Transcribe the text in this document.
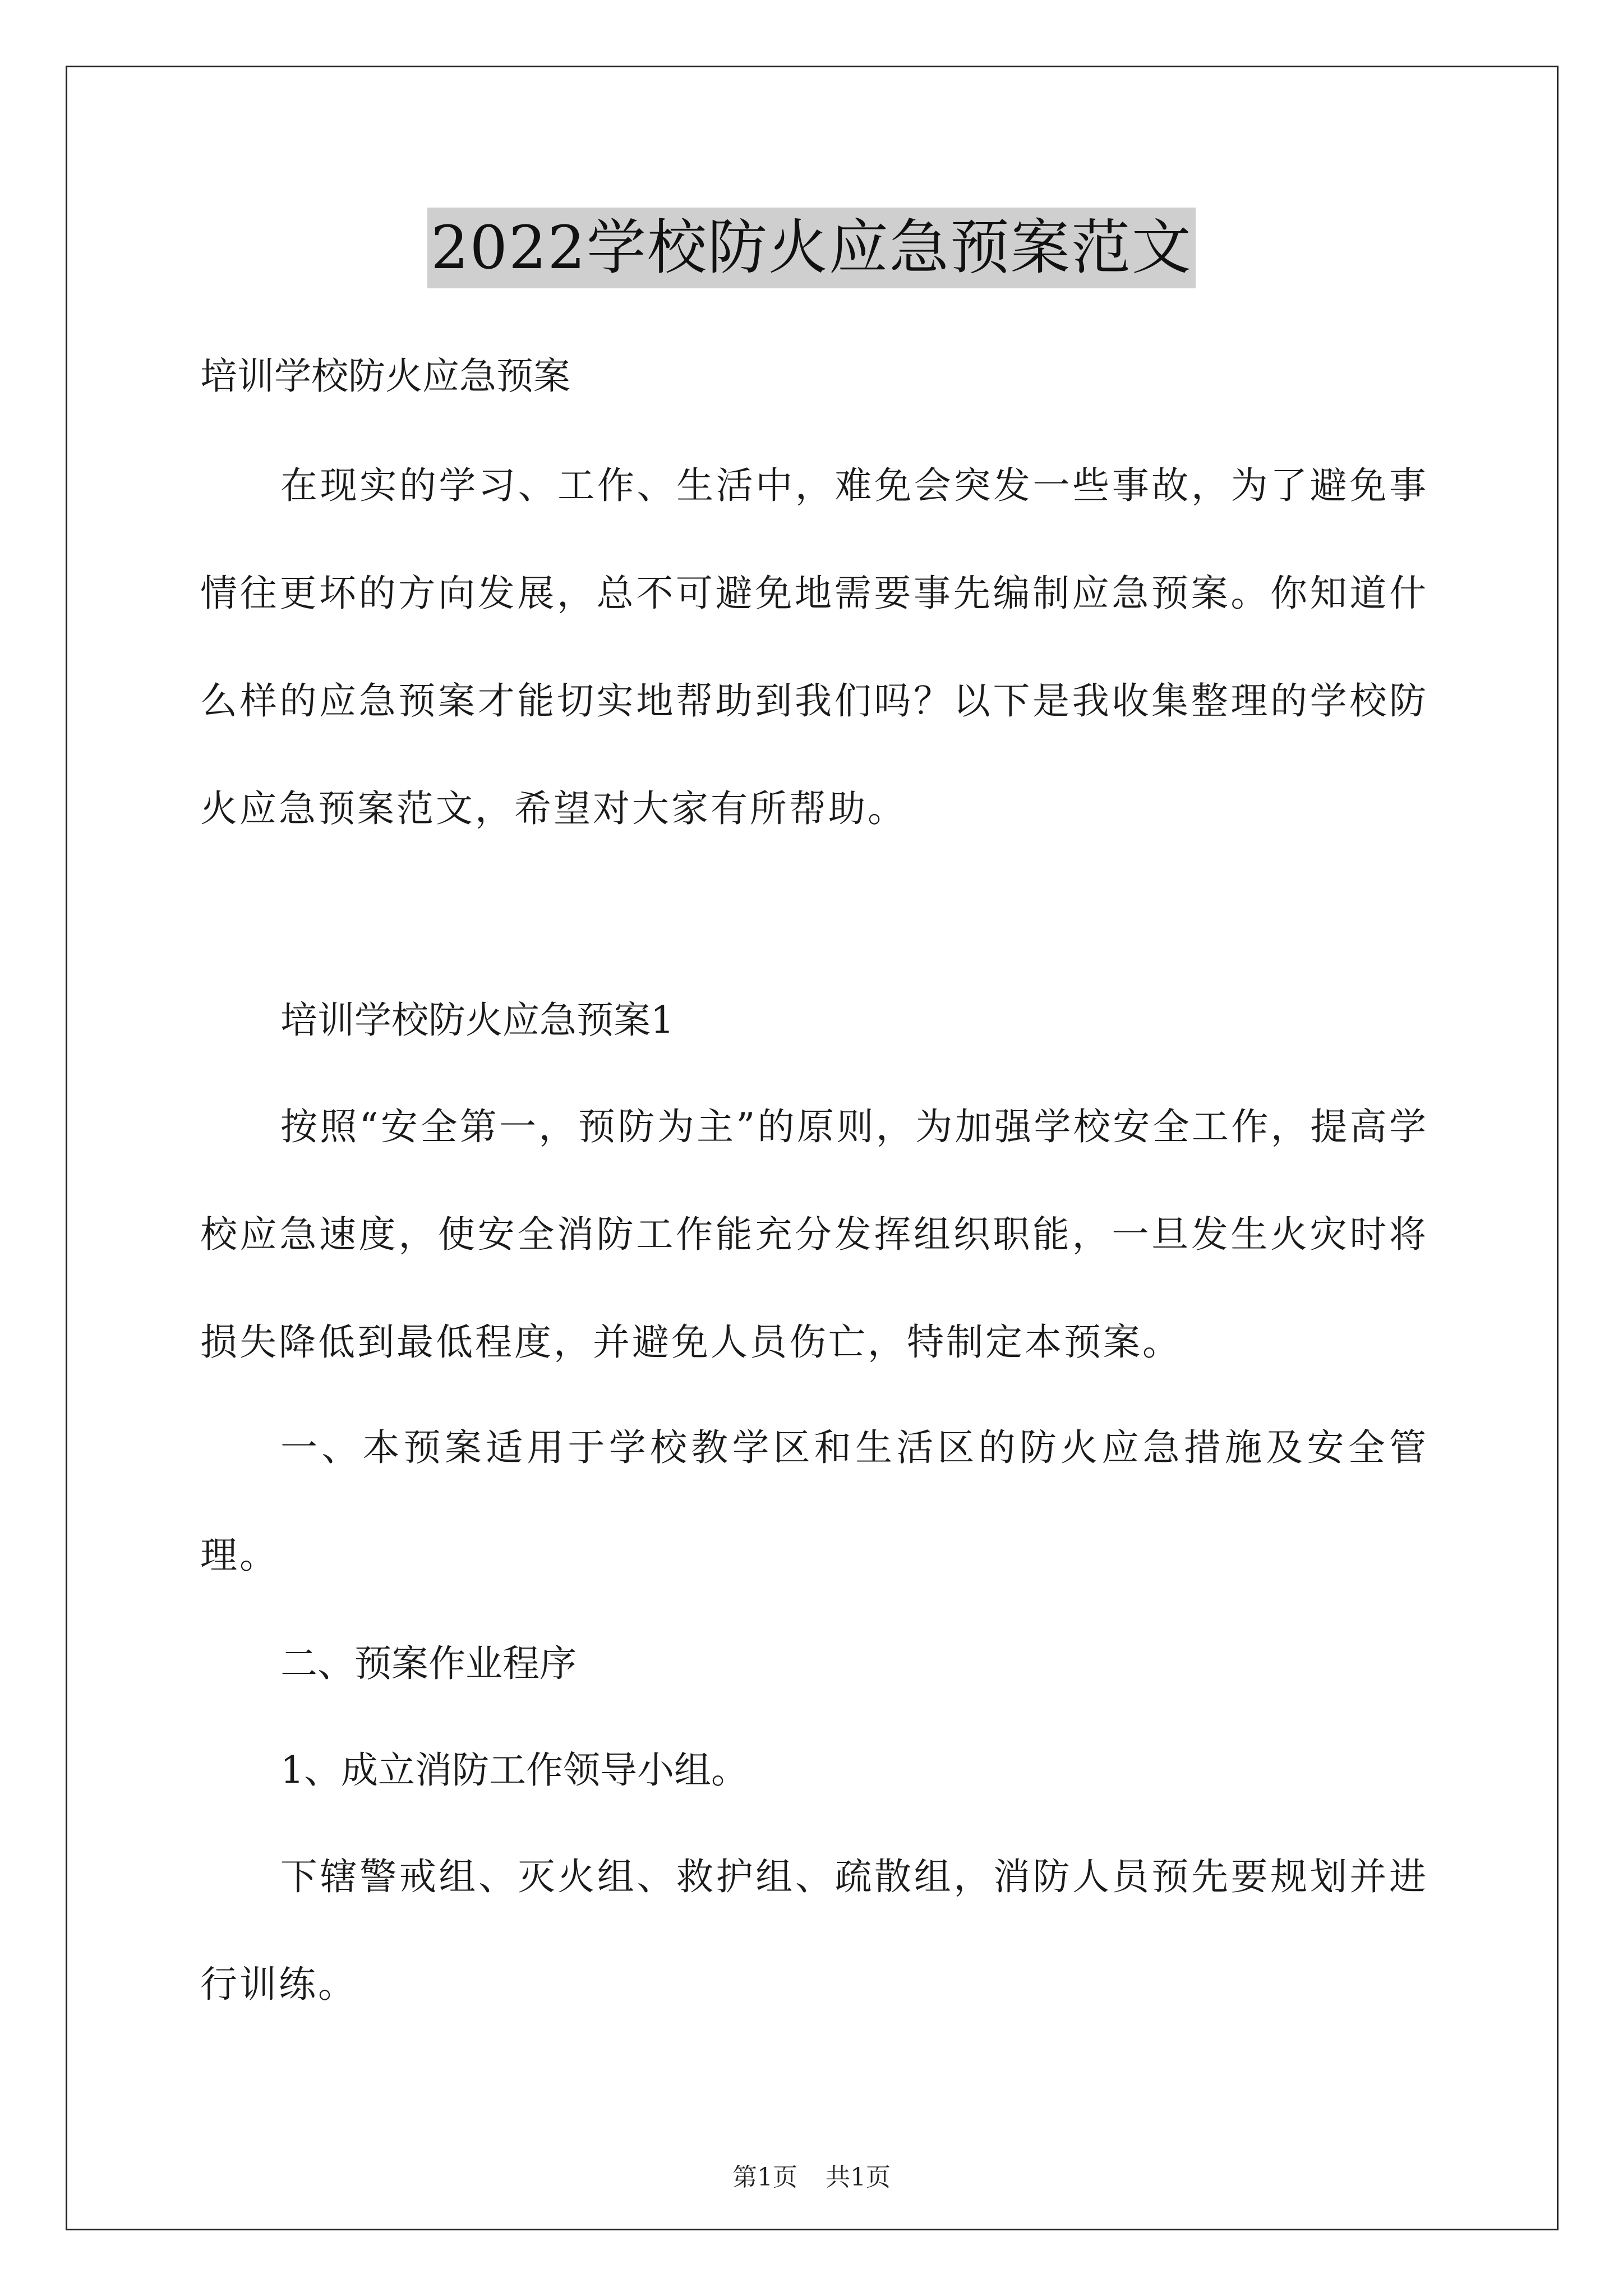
2022学校防火应急预案范文
培训学校防火应急预案
在现实的学习、工作、生活中，难免会突发一些事故，为了避免事情往更坏的方向发展，总不可避免地需要事先编制应急预案。你知道什么样的应急预案才能切实地帮助到我们吗？以下是我收集整理的学校防火应急预案范文，希望对大家有所帮助。
培训学校防火应急预案1
按照“安全第一，预防为主”的原则，为加强学校安全工作，提高学校应急速度，使安全消防工作能充分发挥组织职能，一旦发生火灾时将损失降低到最低程度，并避免人员伤亡，特制定本预案。
一、本预案适用于学校教学区和生活区的防火应急措施及安全管理。
二、预案作业程序
1、成立消防工作领导小组。
下辖警戒组、灭火组、救护组、疏散组，消防人员预先要规划并进行训练。
第1页 共1页
